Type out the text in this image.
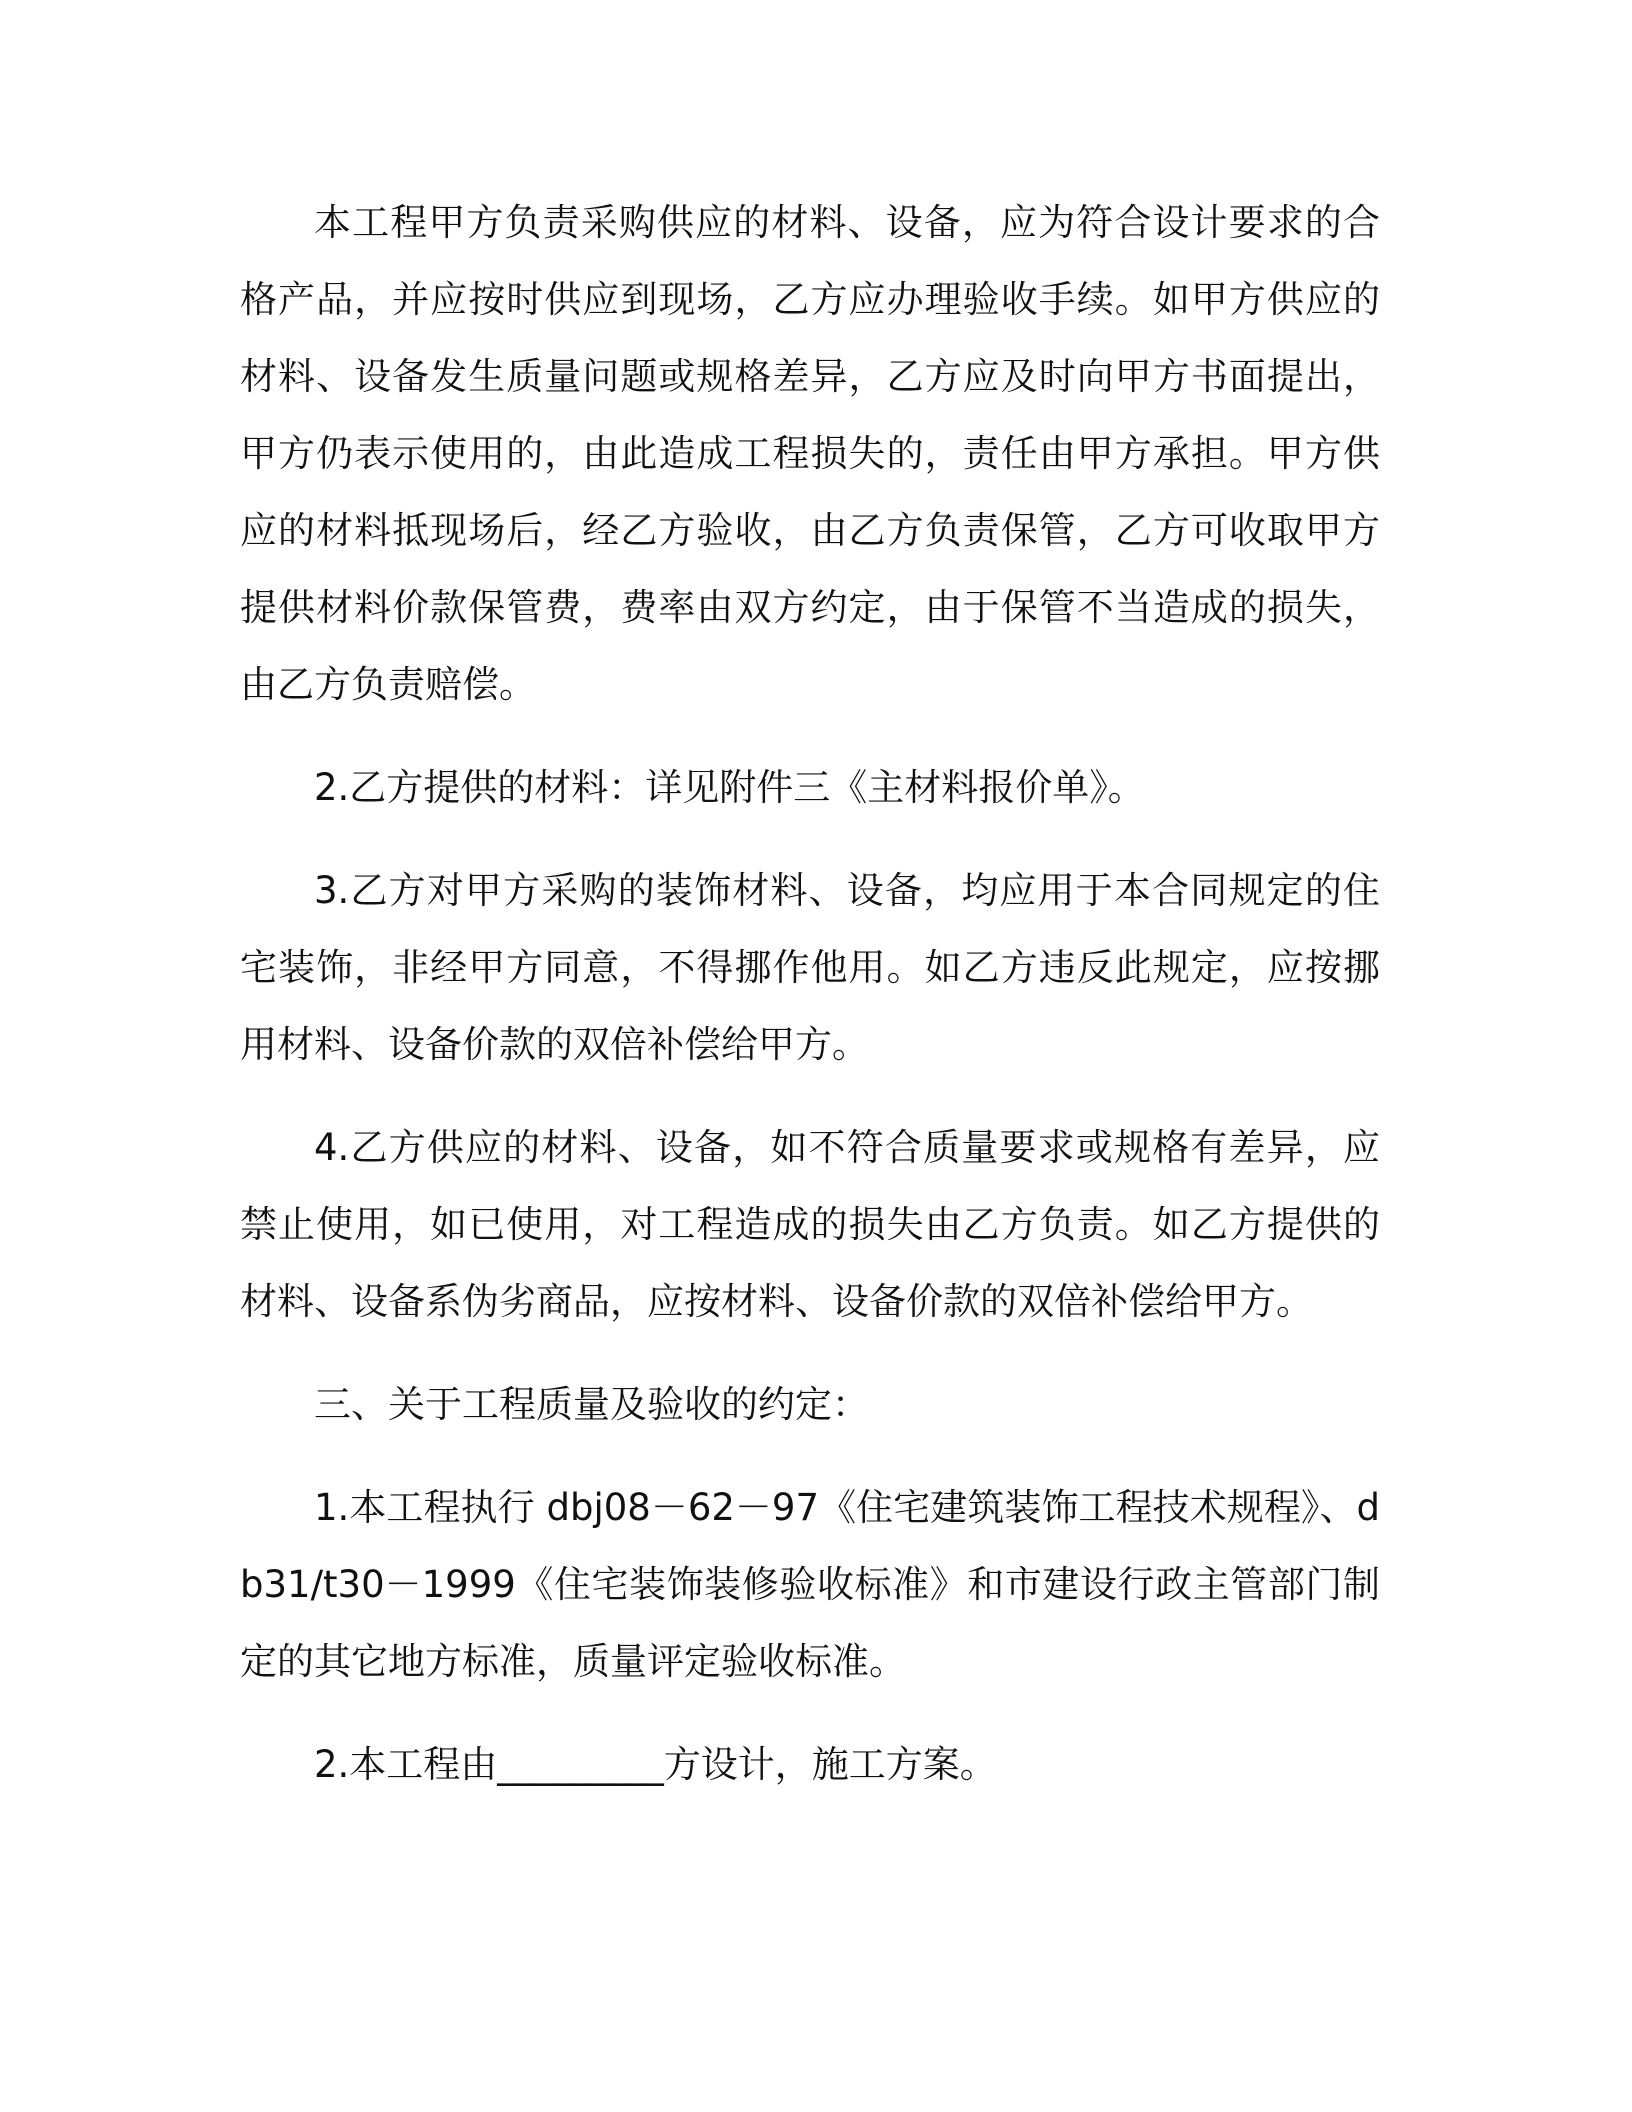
本工程甲方负责采购供应的材料、设备，应为符合设计要求的合格产品，并应按时供应到现场，乙方应办理验收手续。如甲方供应的材料、设备发生质量问题或规格差异，乙方应及时向甲方书面提出，甲方仍表示使用的，由此造成工程损失的，责任由甲方承担。甲方供应的材料抵现场后，经乙方验收，由乙方负责保管，乙方可收取甲方提供材料价款保管费，费率由双方约定，由于保管不当造成的损失，由乙方负责赔偿。

2.乙方提供的材料：详见附件三《主材料报价单》。

3.乙方对甲方采购的装饰材料、设备，均应用于本合同规定的住宅装饰，非经甲方同意，不得挪作他用。如乙方违反此规定，应按挪用材料、设备价款的双倍补偿给甲方。

4.乙方供应的材料、设备，如不符合质量要求或规格有差异，应禁止使用，如已使用，对工程造成的损失由乙方负责。如乙方提供的材料、设备系伪劣商品，应按材料、设备价款的双倍补偿给甲方。

三、关于工程质量及验收的约定：

1.本工程执行 dbj08－62－97《住宅建筑装饰工程技术规程》、db31/t30－1999《住宅装饰装修验收标准》和市建设行政主管部门制定的其它地方标准，质量评定验收标准。

2.本工程由_________方设计，施工方案。
